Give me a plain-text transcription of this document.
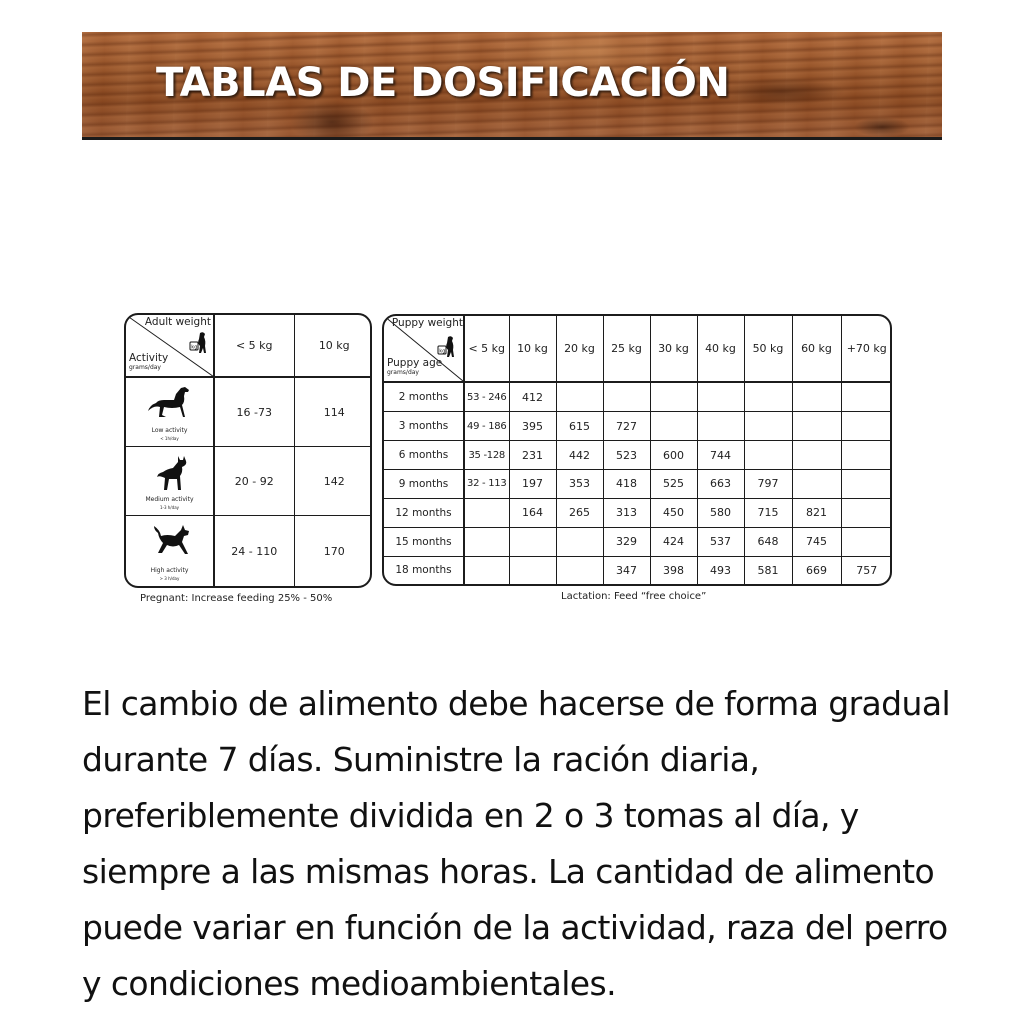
TABLAS DE DOSIFICACIÓN
Adult weight
kg
Activity
grams/day	< 5 kg	10 kg

Low activity
< 1h/day	16 -73	114

Medium activity
1-3 h/day	20 - 92	142

High activity
> 3 h/day	24 - 110	170
Pregnant: Increase feeding 25% - 50%
Puppy weight
kg
Puppy age
grams/day	< 5 kg	10 kg	20 kg	25 kg	30 kg	40 kg	50 kg	60 kg	+70 kg
2 months	53 - 246	412							
3 months	49 - 186	395	615	727					
6 months	35 -128	231	442	523	600	744			
9 months	32 - 113	197	353	418	525	663	797		
12 months		164	265	313	450	580	715	821	
15 months				329	424	537	648	745	
18 months				347	398	493	581	669	757
Lactation: Feed “free choice”

El cambio de alimento debe hacerse de forma gradual durante 7 días. Suministre la ración diaria, preferiblemente dividida en 2 o 3 tomas al día, y siempre a las mismas horas. La cantidad de alimento puede variar en función de la actividad, raza del perro y condiciones medioambientales.
